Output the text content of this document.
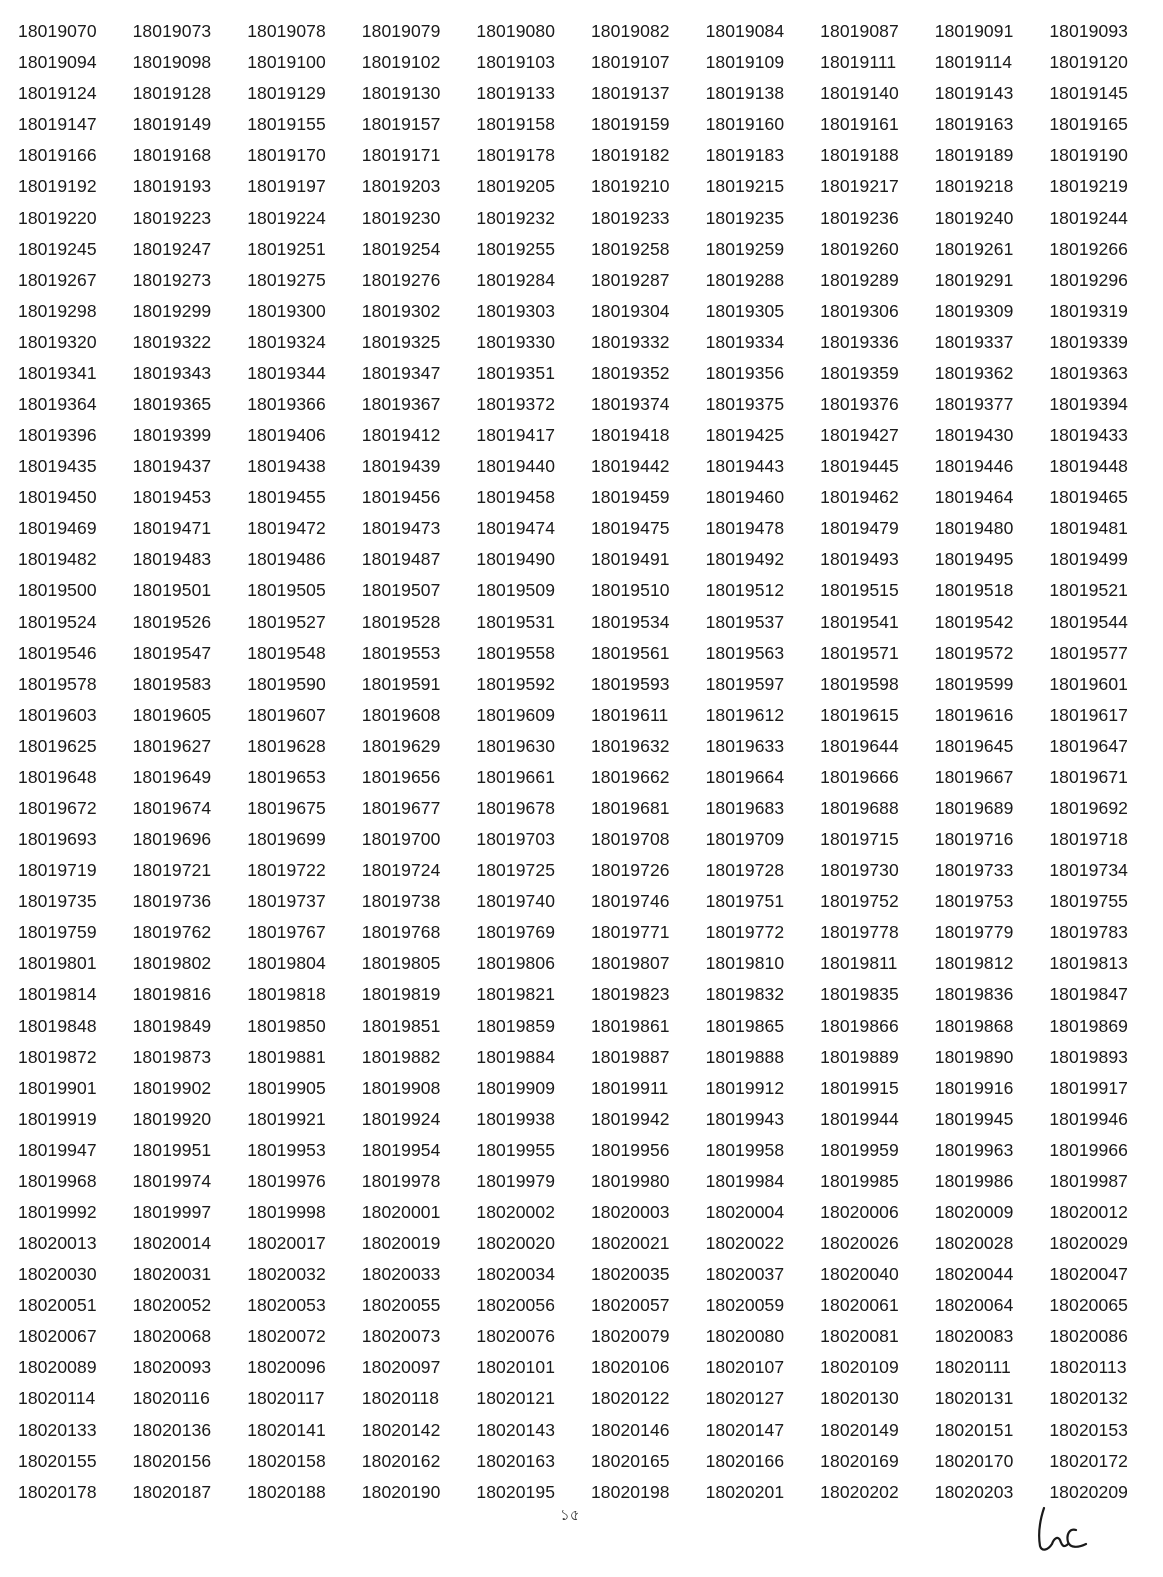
18019070	18019073	18019078	18019079	18019080	18019082	18019084	18019087	18019091	18019093
18019094	18019098	18019100	18019102	18019103	18019107	18019109	18019111	18019114	18019120
18019124	18019128	18019129	18019130	18019133	18019137	18019138	18019140	18019143	18019145
18019147	18019149	18019155	18019157	18019158	18019159	18019160	18019161	18019163	18019165
18019166	18019168	18019170	18019171	18019178	18019182	18019183	18019188	18019189	18019190
18019192	18019193	18019197	18019203	18019205	18019210	18019215	18019217	18019218	18019219
18019220	18019223	18019224	18019230	18019232	18019233	18019235	18019236	18019240	18019244
18019245	18019247	18019251	18019254	18019255	18019258	18019259	18019260	18019261	18019266
18019267	18019273	18019275	18019276	18019284	18019287	18019288	18019289	18019291	18019296
18019298	18019299	18019300	18019302	18019303	18019304	18019305	18019306	18019309	18019319
18019320	18019322	18019324	18019325	18019330	18019332	18019334	18019336	18019337	18019339
18019341	18019343	18019344	18019347	18019351	18019352	18019356	18019359	18019362	18019363
18019364	18019365	18019366	18019367	18019372	18019374	18019375	18019376	18019377	18019394
18019396	18019399	18019406	18019412	18019417	18019418	18019425	18019427	18019430	18019433
18019435	18019437	18019438	18019439	18019440	18019442	18019443	18019445	18019446	18019448
18019450	18019453	18019455	18019456	18019458	18019459	18019460	18019462	18019464	18019465
18019469	18019471	18019472	18019473	18019474	18019475	18019478	18019479	18019480	18019481
18019482	18019483	18019486	18019487	18019490	18019491	18019492	18019493	18019495	18019499
18019500	18019501	18019505	18019507	18019509	18019510	18019512	18019515	18019518	18019521
18019524	18019526	18019527	18019528	18019531	18019534	18019537	18019541	18019542	18019544
18019546	18019547	18019548	18019553	18019558	18019561	18019563	18019571	18019572	18019577
18019578	18019583	18019590	18019591	18019592	18019593	18019597	18019598	18019599	18019601
18019603	18019605	18019607	18019608	18019609	18019611	18019612	18019615	18019616	18019617
18019625	18019627	18019628	18019629	18019630	18019632	18019633	18019644	18019645	18019647
18019648	18019649	18019653	18019656	18019661	18019662	18019664	18019666	18019667	18019671
18019672	18019674	18019675	18019677	18019678	18019681	18019683	18019688	18019689	18019692
18019693	18019696	18019699	18019700	18019703	18019708	18019709	18019715	18019716	18019718
18019719	18019721	18019722	18019724	18019725	18019726	18019728	18019730	18019733	18019734
18019735	18019736	18019737	18019738	18019740	18019746	18019751	18019752	18019753	18019755
18019759	18019762	18019767	18019768	18019769	18019771	18019772	18019778	18019779	18019783
18019801	18019802	18019804	18019805	18019806	18019807	18019810	18019811	18019812	18019813
18019814	18019816	18019818	18019819	18019821	18019823	18019832	18019835	18019836	18019847
18019848	18019849	18019850	18019851	18019859	18019861	18019865	18019866	18019868	18019869
18019872	18019873	18019881	18019882	18019884	18019887	18019888	18019889	18019890	18019893
18019901	18019902	18019905	18019908	18019909	18019911	18019912	18019915	18019916	18019917
18019919	18019920	18019921	18019924	18019938	18019942	18019943	18019944	18019945	18019946
18019947	18019951	18019953	18019954	18019955	18019956	18019958	18019959	18019963	18019966
18019968	18019974	18019976	18019978	18019979	18019980	18019984	18019985	18019986	18019987
18019992	18019997	18019998	18020001	18020002	18020003	18020004	18020006	18020009	18020012
18020013	18020014	18020017	18020019	18020020	18020021	18020022	18020026	18020028	18020029
18020030	18020031	18020032	18020033	18020034	18020035	18020037	18020040	18020044	18020047
18020051	18020052	18020053	18020055	18020056	18020057	18020059	18020061	18020064	18020065
18020067	18020068	18020072	18020073	18020076	18020079	18020080	18020081	18020083	18020086
18020089	18020093	18020096	18020097	18020101	18020106	18020107	18020109	18020111	18020113
18020114	18020116	18020117	18020118	18020121	18020122	18020127	18020130	18020131	18020132
18020133	18020136	18020141	18020142	18020143	18020146	18020147	18020149	18020151	18020153
18020155	18020156	18020158	18020162	18020163	18020165	18020166	18020169	18020170	18020172
18020178	18020187	18020188	18020190	18020195	18020198	18020201	18020202	18020203	18020209
১৫
